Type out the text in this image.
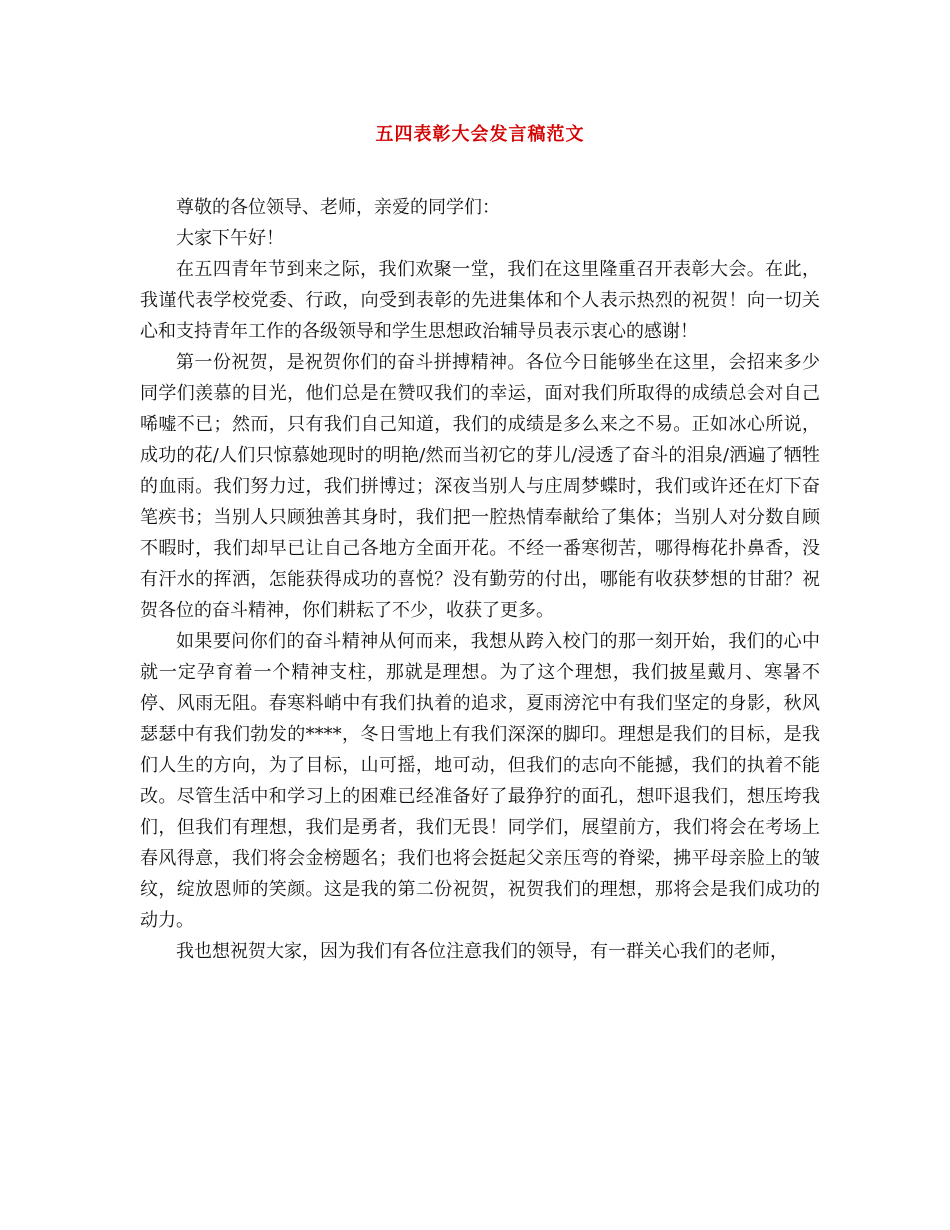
五四表彰大会发言稿范文

尊敬的各位领导、老师，亲爱的同学们：

大家下午好！

在五四青年节到来之际，我们欢聚一堂，我们在这里隆重召开表彰大会。在此，我谨代表学校党委、行政，向受到表彰的先进集体和个人表示热烈的祝贺！向一切关心和支持青年工作的各级领导和学生思想政治辅导员表示衷心的感谢！

第一份祝贺，是祝贺你们的奋斗拼搏精神。各位今日能够坐在这里，会招来多少同学们羡慕的目光，他们总是在赞叹我们的幸运，面对我们所取得的成绩总会对自己唏嘘不已；然而，只有我们自己知道，我们的成绩是多么来之不易。正如冰心所说，成功的花/人们只惊慕她现时的明艳/然而当初它的芽儿/浸透了奋斗的泪泉/洒遍了牺牲的血雨。我们努力过，我们拼博过；深夜当别人与庄周梦蝶时，我们或许还在灯下奋笔疾书；当别人只顾独善其身时，我们把一腔热情奉献给了集体；当别人对分数自顾不暇时，我们却早已让自己各地方全面开花。不经一番寒彻苦，哪得梅花扑鼻香，没有汗水的挥洒，怎能获得成功的喜悦？没有勤劳的付出，哪能有收获梦想的甘甜？祝贺各位的奋斗精神，你们耕耘了不少，收获了更多。

如果要问你们的奋斗精神从何而来，我想从跨入校门的那一刻开始，我们的心中就一定孕育着一个精神支柱，那就是理想。为了这个理想，我们披星戴月、寒暑不停、风雨无阻。春寒料峭中有我们执着的追求，夏雨滂沱中有我们坚定的身影，秋风瑟瑟中有我们勃发的****，冬日雪地上有我们深深的脚印。理想是我们的目标，是我们人生的方向，为了目标，山可摇，地可动，但我们的志向不能撼，我们的执着不能改。尽管生活中和学习上的困难已经准备好了最狰狞的面孔，想吓退我们，想压垮我们，但我们有理想，我们是勇者，我们无畏！同学们，展望前方，我们将会在考场上春风得意，我们将会金榜题名；我们也将会挺起父亲压弯的脊梁，拂平母亲脸上的皱纹，绽放恩师的笑颜。这是我的第二份祝贺，祝贺我们的理想，那将会是我们成功的动力。

我也想祝贺大家，因为我们有各位注意我们的领导，有一群关心我们的老师，
